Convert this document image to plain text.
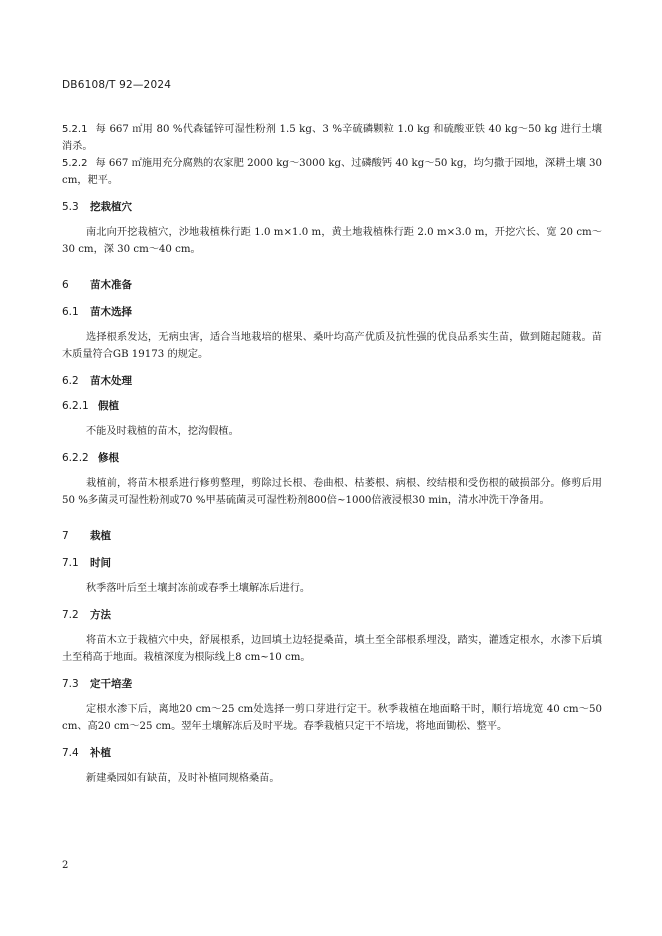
DB6108/T 92—2024

5.2.1 每 667 ㎡用 80 %代森锰锌可湿性粉剂 1.5 kg、3 %辛硫磷颗粒 1.0 kg 和硫酸亚铁 40 kg～50 kg 进行土壤消杀。

5.2.2 每 667 ㎡施用充分腐熟的农家肥 2000 kg～3000 kg、过磷酸钙 40 kg～50 kg，均匀撒于园地，深耕土壤 30 cm，耙平。

5.3 挖栽植穴

南北向开挖栽植穴，沙地栽植株行距 1.0 m×1.0 m，黄土地栽植株行距 2.0 m×3.0 m，开挖穴长、宽 20 cm～30 cm，深 30 cm～40 cm。

6 苗木准备
6.1 苗木选择

选择根系发达，无病虫害，适合当地栽培的椹果、桑叶均高产优质及抗性强的优良品系实生苗，做到随起随栽。苗木质量符合GB 19173 的规定。

6.2 苗木处理
6.2.1 假植

不能及时栽植的苗木，挖沟假植。

6.2.2 修根

栽植前，将苗木根系进行修剪整理，剪除过长根、卷曲根、枯萎根、病根、绞结根和受伤根的破损部分。修剪后用50 %多菌灵可湿性粉剂或70 %甲基硫菌灵可湿性粉剂800倍~1000倍液浸根30 min，清水冲洗干净备用。

7 栽植
7.1 时间

秋季落叶后至土壤封冻前或春季土壤解冻后进行。

7.2 方法

将苗木立于栽植穴中央，舒展根系，边回填土边轻提桑苗，填土至全部根系埋没，踏实，灌透定根水，水渗下后填土至稍高于地面。栽植深度为根际线上8 cm~10 cm。

7.3 定干培垄

定根水渗下后，离地20 cm～25 cm处选择一剪口芽进行定干。秋季栽植在地面略干时，顺行培垅宽 40 cm～50 cm、高20 cm～25 cm。翌年土壤解冻后及时平垅。春季栽植只定干不培垅，将地面锄松、整平。

7.4 补植

新建桑园如有缺苗，及时补植同规格桑苗。

2
